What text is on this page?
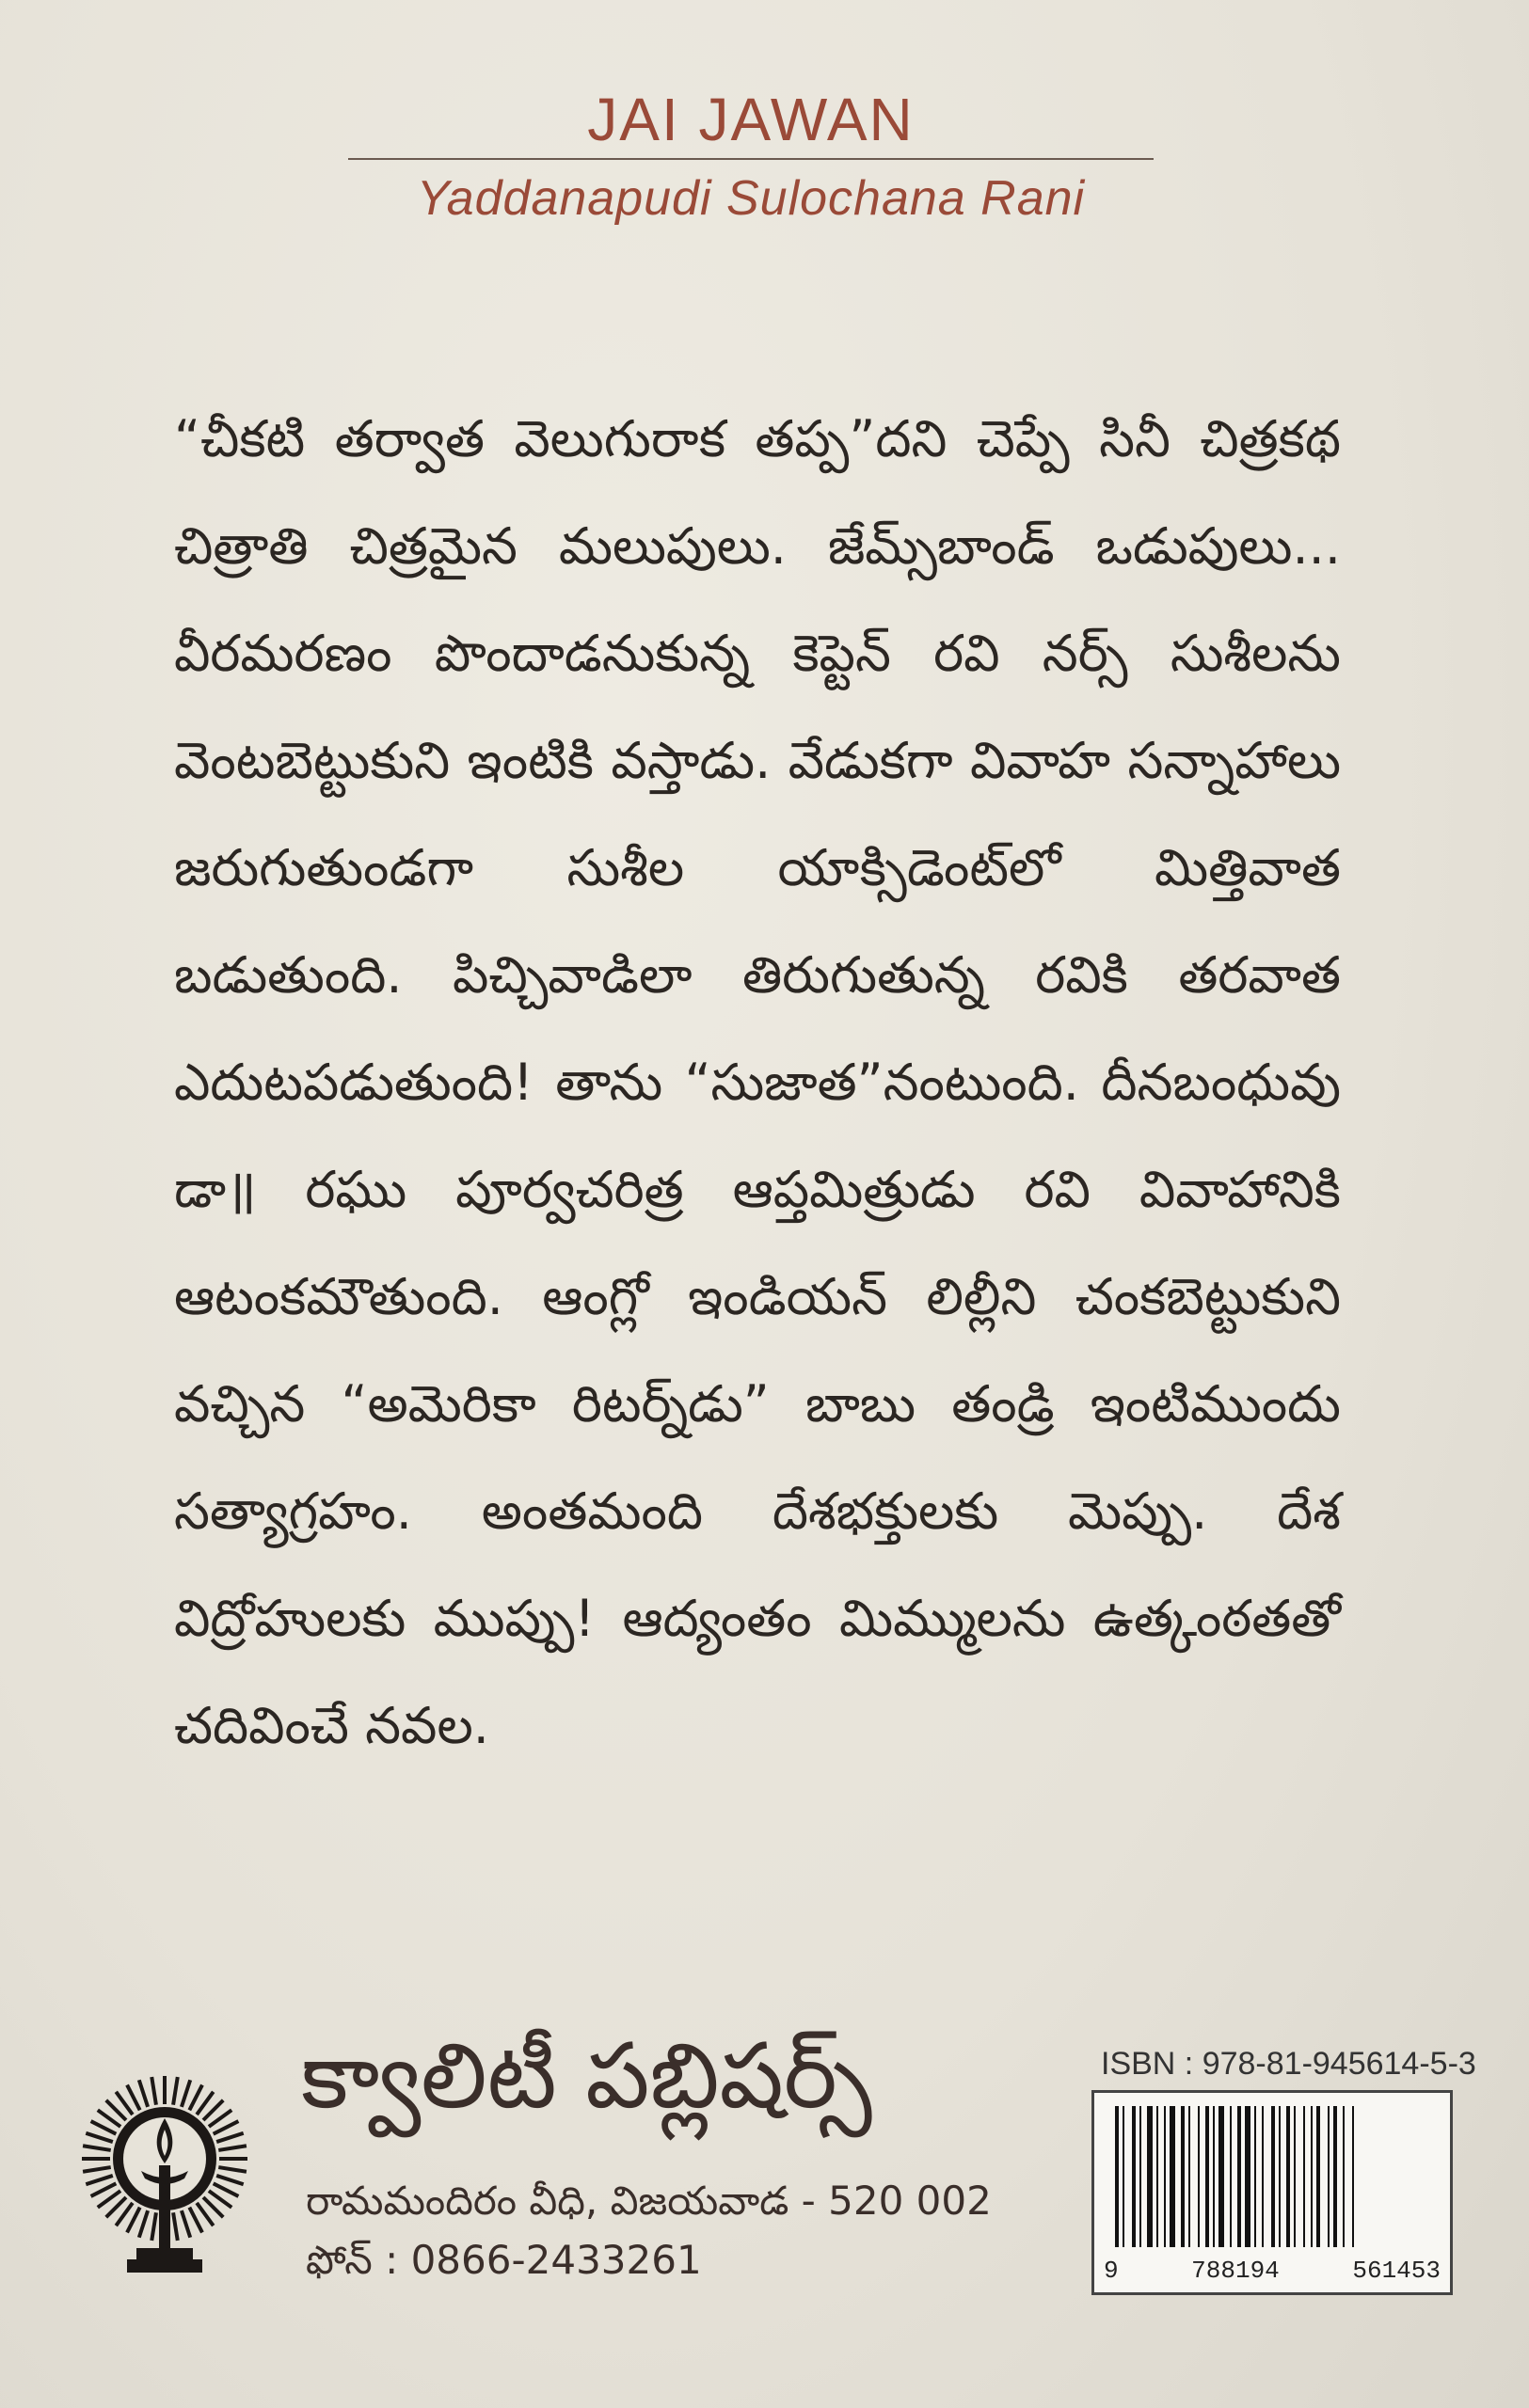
JAI JAWAN
Yaddanapudi Sulochana Rani

“చీకటి తర్వాత వెలుగురాక తప్ప”దని చెప్పే సినీ చిత్రకథ చిత్రాతి చిత్రమైన మలుపులు. జేమ్స్‌బాండ్ ఒడుపులు... వీరమరణం పొందాడనుకున్న కెప్టెన్ రవి నర్స్ సుశీలను వెంటబెట్టుకుని ఇంటికి వస్తాడు. వేడుకగా వివాహ సన్నాహాలు జరుగుతుండగా సుశీల యాక్సిడెంట్‌లో మిత్తివాత బడుతుంది. పిచ్చివాడిలా తిరుగుతున్న రవికి తరవాత ఎదుటపడుతుంది! తాను “సుజాత”నంటుంది. దీనబంధువు డా॥ రఘు పూర్వచరిత్ర ఆప్తమిత్రుడు రవి వివాహానికి ఆటంకమౌతుంది. ఆంగ్లో ఇండియన్ లిల్లీని చంకబెట్టుకుని వచ్చిన “అమెరికా రిటర్న్‌డు” బాబు తండ్రి ఇంటిముందు సత్యాగ్రహం. అంతమంది దేశభక్తులకు మెప్పు. దేశ విద్రోహులకు ముప్పు! ఆద్యంతం మిమ్ములను ఉత్కంఠతతో చదివించే నవల.

క్వాలిటీ పబ్లిషర్స్
రామమందిరం వీధి, విజయవాడ - 520 002
ఫోన్ : 0866-2433261
ISBN : 978-81-945614-5-3
9	788194	561453
